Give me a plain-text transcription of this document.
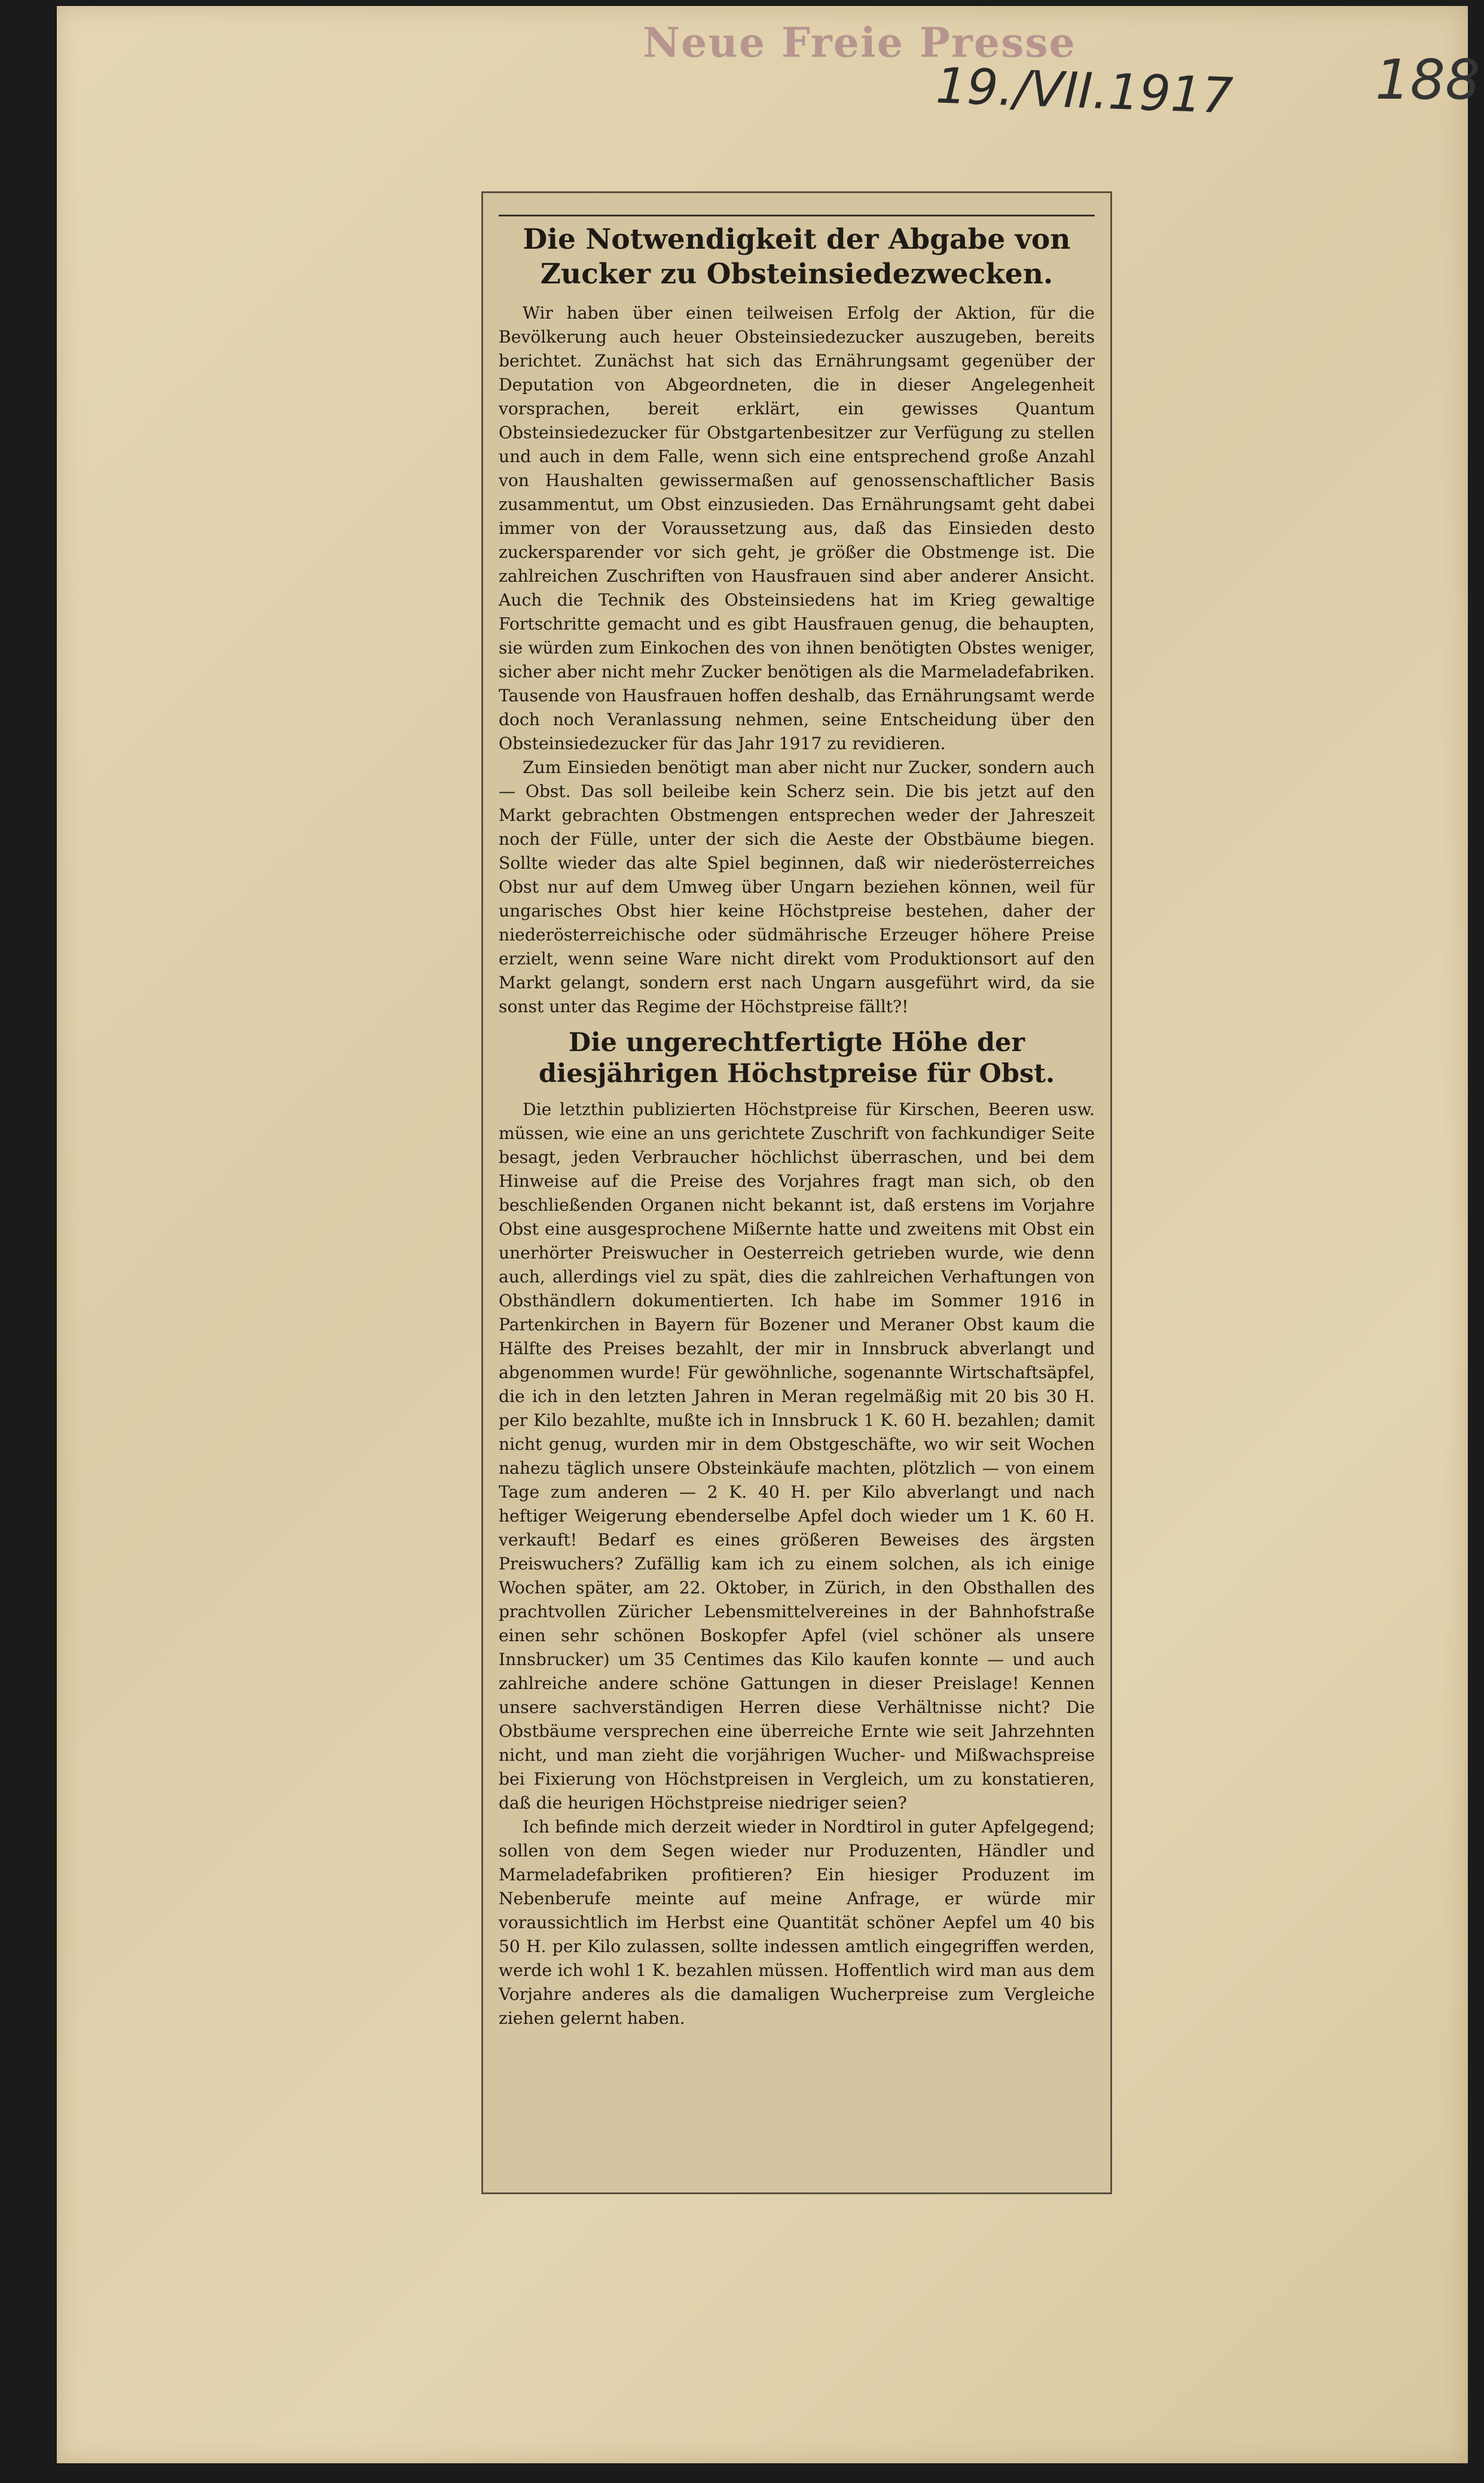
Neue Freie Presse
19./VII.1917	188
Die Notwendigkeit der Abgabe von Zucker zu Obsteinsiedezwecken.

Wir haben über einen teilweisen Erfolg der Aktion, für die Bevölkerung auch heuer Obsteinsiedezucker auszugeben, bereits berichtet. Zunächst hat sich das Ernährungsamt gegenüber der Deputation von Abgeordneten, die in dieser Angelegenheit vorsprachen, bereit erklärt, ein gewisses Quantum Obsteinsiedezucker für Obstgartenbesitzer zur Verfügung zu stellen und auch in dem Falle, wenn sich eine entsprechend große Anzahl von Haushalten gewissermaßen auf genossenschaftlicher Basis zusammentut, um Obst einzusieden. Das Ernährungsamt geht dabei immer von der Voraussetzung aus, daß das Einsieden desto zuckersparender vor sich geht, je größer die Obstmenge ist. Die zahlreichen Zuschriften von Hausfrauen sind aber anderer Ansicht. Auch die Technik des Obsteinsiedens hat im Krieg gewaltige Fortschritte gemacht und es gibt Hausfrauen genug, die behaupten, sie würden zum Einkochen des von ihnen benötigten Obstes weniger, sicher aber nicht mehr Zucker benötigen als die Marmeladefabriken. Tausende von Hausfrauen hoffen deshalb, das Ernährungsamt werde doch noch Veranlassung nehmen, seine Entscheidung über den Obsteinsiedezucker für das Jahr 1917 zu revidieren.

Zum Einsieden benötigt man aber nicht nur Zucker, sondern auch — Obst. Das soll beileibe kein Scherz sein. Die bis jetzt auf den Markt gebrachten Obstmengen entsprechen weder der Jahreszeit noch der Fülle, unter der sich die Aeste der Obstbäume biegen. Sollte wieder das alte Spiel beginnen, daß wir niederösterreiches Obst nur auf dem Umweg über Ungarn beziehen können, weil für ungarisches Obst hier keine Höchstpreise bestehen, daher der niederösterreichische oder südmährische Erzeuger höhere Preise erzielt, wenn seine Ware nicht direkt vom Produktionsort auf den Markt gelangt, sondern erst nach Ungarn ausgeführt wird, da sie sonst unter das Regime der Höchstpreise fällt?!

Die ungerechtfertigte Höhe der diesjährigen Höchstpreise für Obst.

Die letzthin publizierten Höchstpreise für Kirschen, Beeren usw. müssen, wie eine an uns gerichtete Zuschrift von fachkundiger Seite besagt, jeden Verbraucher höchlichst überraschen, und bei dem Hinweise auf die Preise des Vorjahres fragt man sich, ob den beschließenden Organen nicht bekannt ist, daß erstens im Vorjahre Obst eine ausgesprochene Mißernte hatte und zweitens mit Obst ein unerhörter Preiswucher in Oesterreich getrieben wurde, wie denn auch, allerdings viel zu spät, dies die zahlreichen Verhaftungen von Obsthändlern dokumentierten. Ich habe im Sommer 1916 in Partenkirchen in Bayern für Bozener und Meraner Obst kaum die Hälfte des Preises bezahlt, der mir in Innsbruck abverlangt und abgenommen wurde! Für gewöhnliche, sogenannte Wirtschaftsäpfel, die ich in den letzten Jahren in Meran regelmäßig mit 20 bis 30 H. per Kilo bezahlte, mußte ich in Innsbruck 1 K. 60 H. bezahlen; damit nicht genug, wurden mir in dem Obstgeschäfte, wo wir seit Wochen nahezu täglich unsere Obsteinkäufe machten, plötzlich — von einem Tage zum anderen — 2 K. 40 H. per Kilo abverlangt und nach heftiger Weigerung ebenderselbe Apfel doch wieder um 1 K. 60 H. verkauft! Bedarf es eines größeren Beweises des ärgsten Preiswuchers? Zufällig kam ich zu einem solchen, als ich einige Wochen später, am 22. Oktober, in Zürich, in den Obsthallen des prachtvollen Züricher Lebensmittelvereines in der Bahnhofstraße einen sehr schönen Boskopfer Apfel (viel schöner als unsere Innsbrucker) um 35 Centimes das Kilo kaufen konnte — und auch zahlreiche andere schöne Gattungen in dieser Preislage! Kennen unsere sachverständigen Herren diese Verhältnisse nicht? Die Obstbäume versprechen eine überreiche Ernte wie seit Jahrzehnten nicht, und man zieht die vorjährigen Wucher- und Mißwachspreise bei Fixierung von Höchstpreisen in Vergleich, um zu konstatieren, daß die heurigen Höchstpreise niedriger seien?

Ich befinde mich derzeit wieder in Nordtirol in guter Apfelgegend; sollen von dem Segen wieder nur Produzenten, Händler und Marmeladefabriken profitieren? Ein hiesiger Produzent im Nebenberufe meinte auf meine Anfrage, er würde mir voraussichtlich im Herbst eine Quantität schöner Aepfel um 40 bis 50 H. per Kilo zulassen, sollte indessen amtlich eingegriffen werden, werde ich wohl 1 K. bezahlen müssen. Hoffentlich wird man aus dem Vorjahre anderes als die damaligen Wucherpreise zum Vergleiche ziehen gelernt haben.
